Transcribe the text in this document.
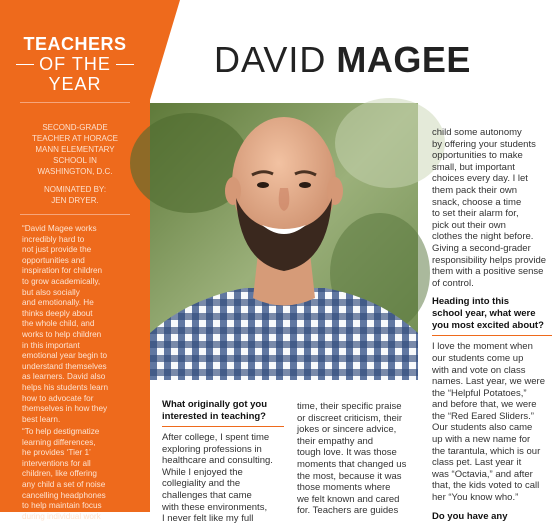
TEACHERS
OF THE
YEAR
SECOND-GRADE
TEACHER AT HORACE
MANN ELEMENTARY
SCHOOL IN
WASHINGTON, D.C.
NOMINATED BY:
JEN DRYER.
“David Magee works
incredibly hard to
not just provide the
opportunities and
inspiration for children
to grow academically,
but also socially
and emotionally. He
thinks deeply about
the whole child, and
works to help children
in this important
emotional year begin to
understand themselves
as learners. David also
helps his students learn
how to advocate for
themselves in how they
best learn.
“To help destigmatize
learning differences,
he provides ‘Tier 1’
interventions for all
children, like offering
any child a set of noise
cancelling headphones
to help maintain focus
during individual work
DAVID MAGEE
What originally got you
interested in teaching?
After college, I spent time
exploring professions in
healthcare and consulting.
While I enjoyed the
collegiality and the
challenges that came
with these environments,
I never felt like my full
time, their specific praise
or discreet criticism, their
jokes or sincere advice,
their empathy and
tough love. It was those
moments that changed us
the most, because it was
those moments where
we felt known and cared
for. Teachers are guides
child some autonomy
by offering your students
opportunities to make
small, but important
choices every day. I let
them pack their own
snack, choose a time
to set their alarm for,
pick out their own
clothes the night before.
Giving a second-grader
responsibility helps provide
them with a positive sense
of control.
Heading into this
school year, what were
you most excited about?
I love the moment when
our students come up
with and vote on class
names. Last year, we were
the “Helpful Potatoes,”
and before that, we were
the “Red Eared Sliders.”
Our students also came
up with a new name for
the tarantula, which is our
class pet. Last year it
was “Octavia,” and after
that, the kids voted to call
her “You know who.”
Do you have any
